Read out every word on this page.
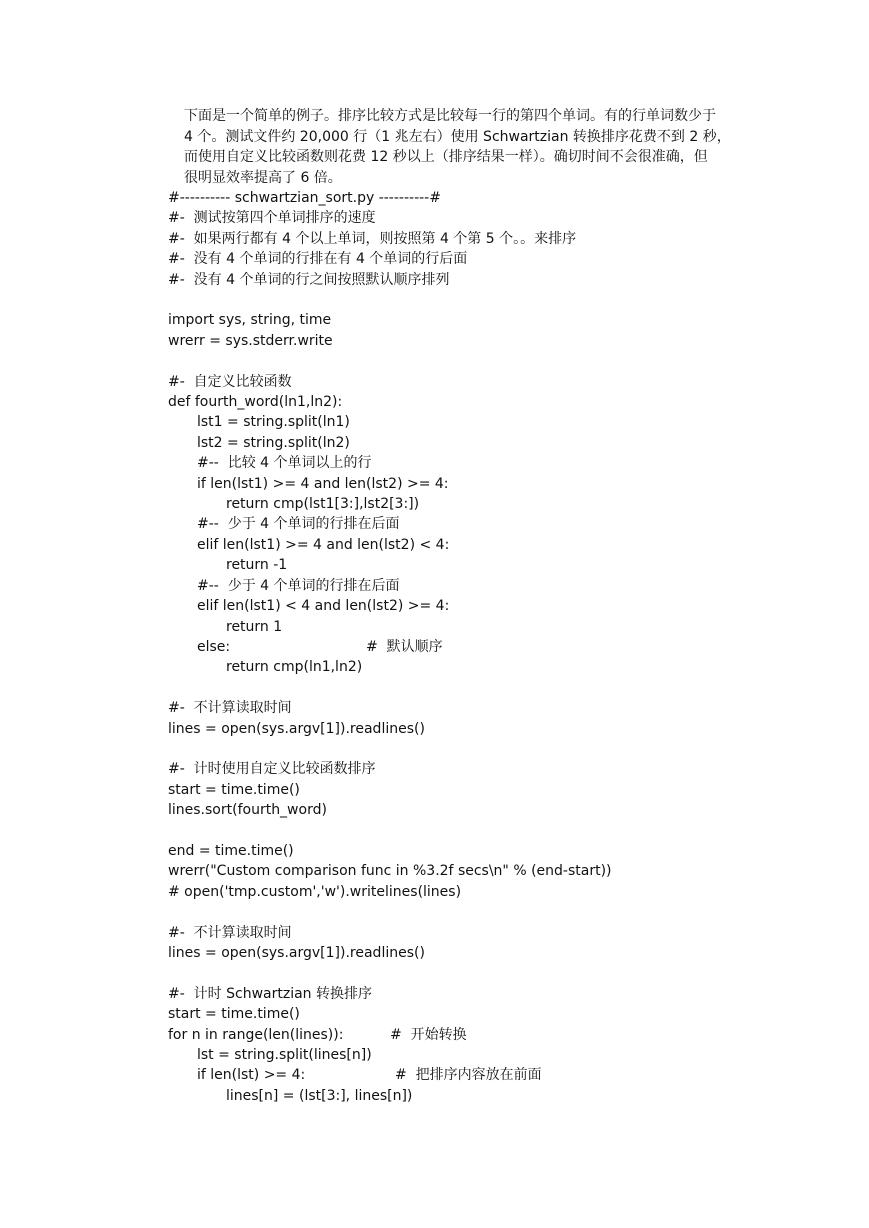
下面是一个简单的例子。排序比较方式是比较每一行的第四个单词。有的行单词数少于
4 个。测试文件约 20,000 行（1 兆左右）使用 Schwartzian 转换排序花费不到 2 秒，
而使用自定义比较函数则花费 12 秒以上（排序结果一样）。确切时间不会很准确，但
很明显效率提高了 6 倍。
#---------- schwartzian_sort.py ----------#
#-  测试按第四个单词排序的速度
#-  如果两行都有 4 个以上单词，则按照第 4 个第 5 个。。来排序
#-  没有 4 个单词的行排在有 4 个单词的行后面
#-  没有 4 个单词的行之间按照默认顺序排列
import sys, string, time
wrerr = sys.stderr.write
#-  自定义比较函数
def fourth_word(ln1,ln2):
lst1 = string.split(ln1)
lst2 = string.split(ln2)
#--  比较 4 个单词以上的行
if len(lst1) >= 4 and len(lst2) >= 4:
return cmp(lst1[3:],lst2[3:])
#--  少于 4 个单词的行排在后面
elif len(lst1) >= 4 and len(lst2) < 4:
return -1
#--  少于 4 个单词的行排在后面
elif len(lst1) < 4 and len(lst2) >= 4:
return 1
else:	#  默认顺序
return cmp(ln1,ln2)
#-  不计算读取时间
lines = open(sys.argv[1]).readlines()
#-  计时使用自定义比较函数排序
start = time.time()
lines.sort(fourth_word)
end = time.time()
wrerr("Custom comparison func in %3.2f secs\n" % (end-start))
# open('tmp.custom','w').writelines(lines)
#-  不计算读取时间
lines = open(sys.argv[1]).readlines()
#-  计时 Schwartzian 转换排序
start = time.time()
for n in range(len(lines)):	#  开始转换
lst = string.split(lines[n])
if len(lst) >= 4:	#  把排序内容放在前面
lines[n] = (lst[3:], lines[n])
